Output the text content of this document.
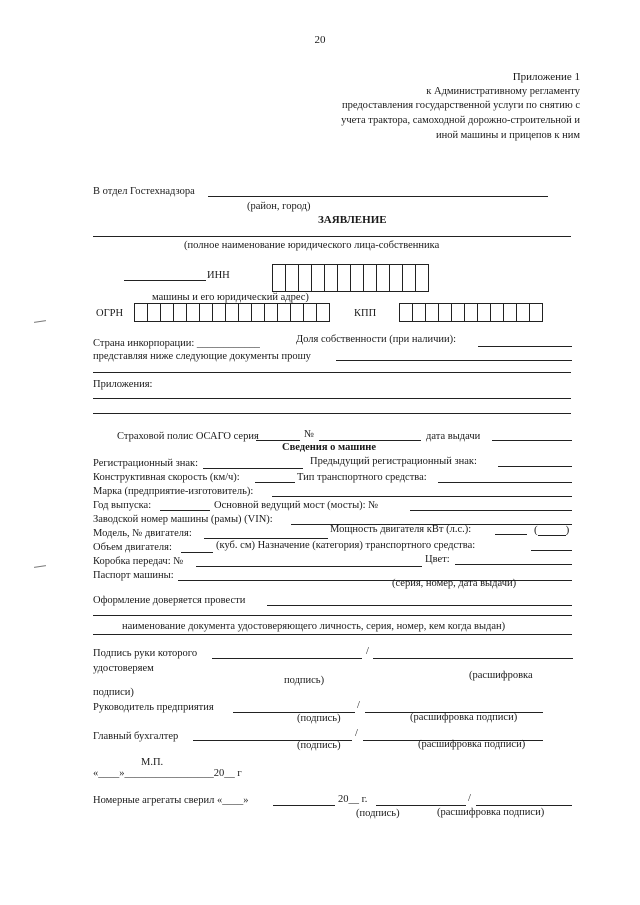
20
Приложение 1
к Административному регламенту
предоставления государственной услуги по снятию с
учета трактора, самоходной дорожно-строительной и
иной машины и прицепов к ним
В отдел Гостехнадзора
(район, город)
ЗАЯВЛЕНИЕ
(полное наименование юридического лица-собственника
ИНН
машины и его юридический адрес)
ОГРН	КПП
Страна инкорпорации: ____________	Доля собственности (при наличии):
представляя ниже следующие документы прошу
Приложения:
Страховой полис ОСАГО серия	№	дата выдачи
Сведения о машине
Регистрационный знак:	Предыдущий регистрационный знак:
Конструктивная скорость (км/ч):	Тип транспортного средства:
Марка (предприятие-изготовитель):
Год выпуска:	Основной ведущий мост (мосты): №
Заводской номер машины (рамы) (VIN):
Модель, № двигателя:	Мощность двигателя кВт (л.с.):	(	)
Объем двигателя:	(куб. см) Назначение (категория) транспортного средства:
Коробка передач: №	Цвет:
Паспорт машины:
(серия, номер, дата выдачи)
Оформление доверяется провести
наименование документа удостоверяющего личность, серия, номер, кем когда выдан)
Подпись руки которого	/
удостоверяем
подпись)	(расшифровка
подписи)
Руководитель предприятия	/
(подпись)	(расшифровка подписи)
Главный бухгалтер	/
(подпись)	(расшифровка подписи)
М.П.
«____»_________________20__ г
Номерные агрегаты сверил «____»	20__ г.	/
(подпись)	(расшифровка подписи)
